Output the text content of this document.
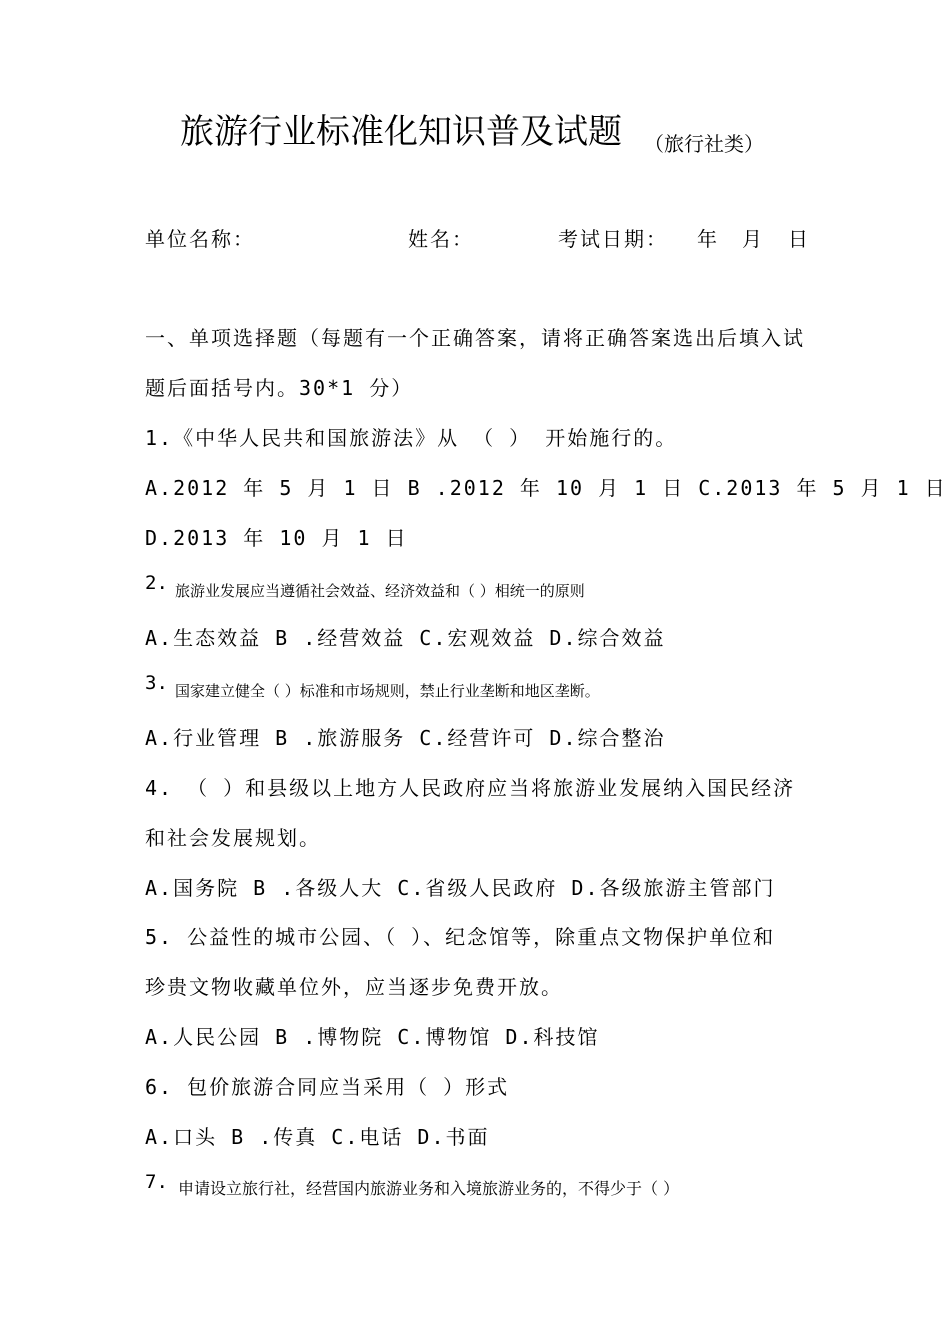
旅游行业标准化知识普及试题 （旅行社类）
单位名称：	姓名：	考试日期： 年 月 日
一、单项选择题（每题有一个正确答案，请将正确答案选出后填入试
题后面括号内。30*1 分）
1.《中华人民共和国旅游法》从 （ ） 开始施行的。
A.2012 年 5 月 1 日 B .2012 年 10 月 1 日 C.2013 年 5 月 1 日
D.2013 年 10 月 1 日
2. 旅游业发展应当遵循社会效益、经济效益和（ ）相统一的原则
A.生态效益 B .经营效益 C.宏观效益 D.综合效益
3. 国家建立健全（ ）标准和市场规则，禁止行业垄断和地区垄断。
A.行业管理 B .旅游服务 C.经营许可 D.综合整治
4. （ ）和县级以上地方人民政府应当将旅游业发展纳入国民经济
和社会发展规划。
A.国务院 B .各级人大 C.省级人民政府 D.各级旅游主管部门
5. 公益性的城市公园、（ ）、纪念馆等，除重点文物保护单位和
珍贵文物收藏单位外，应当逐步免费开放。
A.人民公园 B .博物院 C.博物馆 D.科技馆
6. 包价旅游合同应当采用（ ）形式
A.口头 B .传真 C.电话 D.书面
7. 申请设立旅行社，经营国内旅游业务和入境旅游业务的，不得少于（ ）
